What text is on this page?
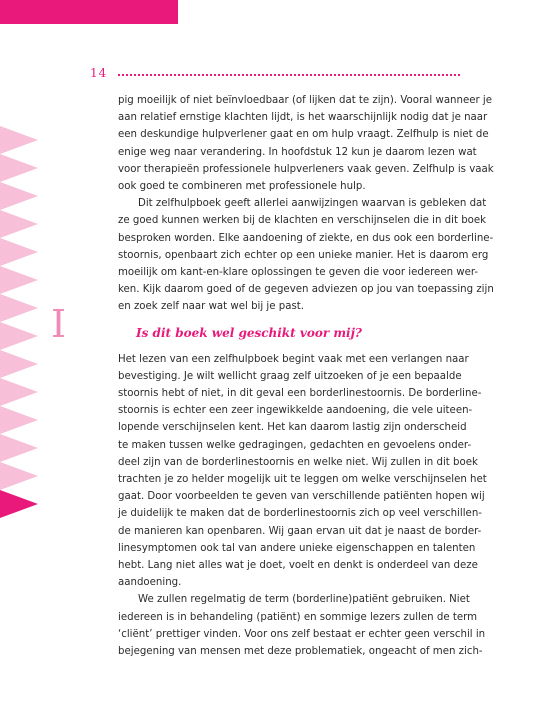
14
I

pig moeilijk of niet beïnvloedbaar (of lijken dat te zijn). Vooral wanneer je

aan relatief ernstige klachten lijdt, is het waarschijnlijk nodig dat je naar

een deskundige hulpverlener gaat en om hulp vraagt. Zelfhulp is niet de

enige weg naar verandering. In hoofdstuk 12 kun je daarom lezen wat

voor therapieën professionele hulpverleners vaak geven. Zelfhulp is vaak

ook goed te combineren met professionele hulp.

Dit zelfhulpboek geeft allerlei aanwijzingen waarvan is gebleken dat

ze goed kunnen werken bij de klachten en verschijnselen die in dit boek

besproken worden. Elke aandoening of ziekte, en dus ook een borderline-

stoornis, openbaart zich echter op een unieke manier. Het is daarom erg

moeilijk om kant-en-klare oplossingen te geven die voor iedereen wer-

ken. Kijk daarom goed of de gegeven adviezen op jou van toepassing zijn

en zoek zelf naar wat wel bij je past.

Is dit boek wel geschikt voor mij?

Het lezen van een zelfhulpboek begint vaak met een verlangen naar

bevestiging. Je wilt wellicht graag zelf uitzoeken of je een bepaalde

stoornis hebt of niet, in dit geval een borderlinestoornis. De borderline-

stoornis is echter een zeer ingewikkelde aandoening, die vele uiteen-

lopende verschijnselen kent. Het kan daarom lastig zijn onderscheid

te maken tussen welke gedragingen, gedachten en gevoelens onder-

deel zijn van de borderlinestoornis en welke niet. Wij zullen in dit boek

trachten je zo helder mogelijk uit te leggen om welke verschijnselen het

gaat. Door voorbeelden te geven van verschillende patiënten hopen wij

je duidelijk te maken dat de borderlinestoornis zich op veel verschillen-

de manieren kan openbaren. Wij gaan ervan uit dat je naast de border-

linesymptomen ook tal van andere unieke eigenschappen en talenten

hebt. Lang niet alles wat je doet, voelt en denkt is onderdeel van deze

aandoening.

We zullen regelmatig de term (borderline)patiënt gebruiken. Niet

iedereen is in behandeling (patiënt) en sommige lezers zullen de term

‘cliënt’ prettiger vinden. Voor ons zelf bestaat er echter geen verschil in

bejegening van mensen met deze problematiek, ongeacht of men zich-
